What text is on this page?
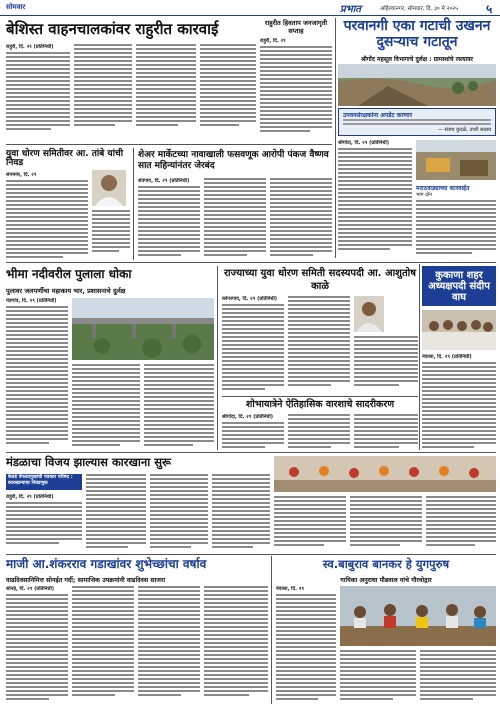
सोमवार	प्रभात	अहिल्यानगर, सोमवार, दि. ३० मे २०२५ ५
बेशिस्त वाहनचालकांवर राहुरीत कारवाई
राहुरी, दि. २९ (प्रतिनिधी)
राहुरीत हिवताप जनजागृती सप्ताह
राहुरी, दि. २९
परवानगी एका गटाची उखनन दुसऱ्याच गटातून
श्रीगोंद महसूल विभागाचे दुर्लक्ष : ग्रामस्थांचे रस्त्यावर
उपवनसंरक्षकांना अपडेट करणार
— संजय कुदळे, उपरी सदस्य
श्रीगोंदा, दि. २९ (प्रतिनिधी)
मराठवाड्याच्या कारवाईत
भाग दोन
युवा धोरण समितीवर आ. तांबे यांची निवड
संगमनेर, दि. २९
शेअर मार्केटच्या नावाखाली फसवणूक आरोपी पंकज वैष्णव सात महिन्यांनंतर जेरबंद
शेवगाव, दि. २९ (प्रतिनिधी)
भीमा नदीवरील पुलाला धोका
पुलावर जलपर्णीचा महाकाय भार, प्रशासनाचे दुर्लक्ष
पेडगांव, दि. २९ (प्रतिनिधी)
राज्याच्या युवा धोरण समिती सदस्यपदी आ. आशुतोष काळे
कोपरगाव, दि. २९ (प्रतिनिधी)
कुकाणा शहर अध्यक्षपदी संदीप वाघ
नेवासा, दि. २९ (प्रतिनिधी)
शोभायात्रेने ऐतिहासिक वारशाचे सादरीकरण
श्रीगोंदा, दि. २९ (प्रतिनिधी)
मंडळाचा विजय झाल्यास कारखाना सुरू
केवडे पॅनलप्रमुखांची पत्रकार परिषद : कारखान्याचा निवडणुक
राहुरी, दि. २९ (प्रतिनिधी)
माजी आ.शंकरराव गडाखांवर शुभेच्छांचा वर्षाव
वाढदिवसानिमित्त सोनईत गर्दी; सामाजिक उपक्रमांनी वाढदिवस साजरा
सोनई, दि. २९ (प्रतिनिधी)
स्व.बाबुराव बानकर हे युगपुरुष
गायिका अनुराधा पौडवाल यांचे गौरवोद्गार
नेवासा, दि. २९
